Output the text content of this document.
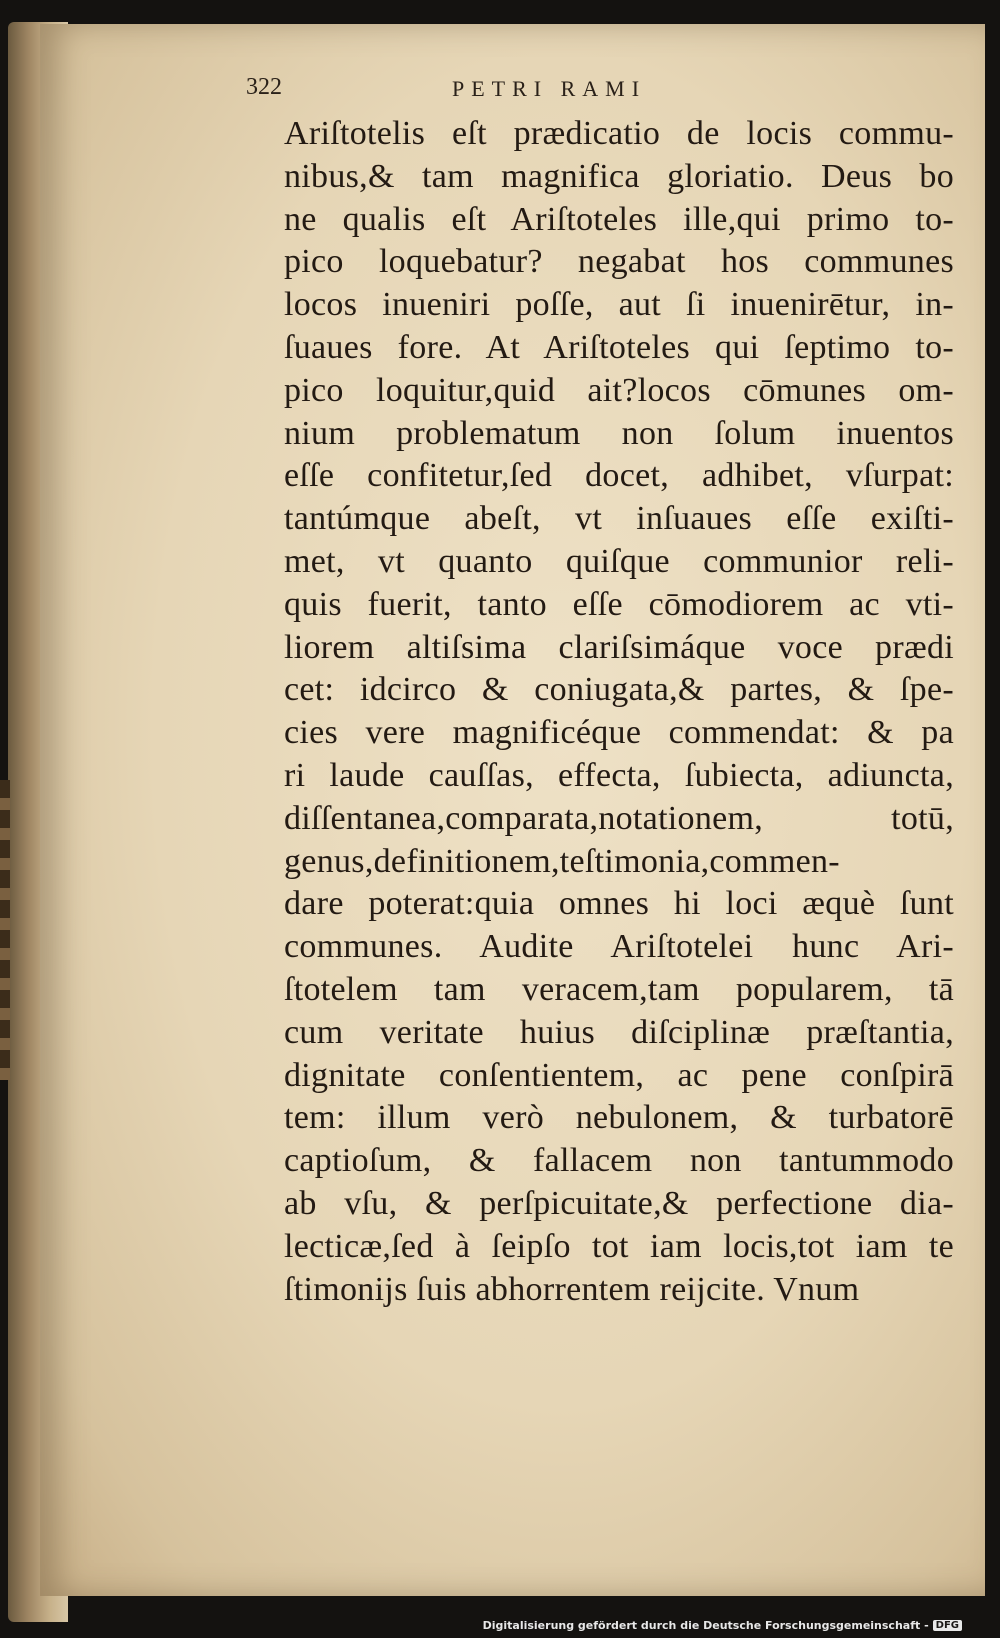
322	PETRI RAMI
Ariſtotelis eſt prædicatio de locis commu-
nibus,& tam magnifica gloriatio. Deus bo
ne qualis eſt Ariſtoteles ille,qui primo to-
pico loquebatur? negabat hos communes
locos inueniri poſſe, aut ſi inuenirētur, in-
ſuaues fore. At Ariſtoteles qui ſeptimo to-
pico loquitur,quid ait?locos cōmunes om-
nium problematum non ſolum inuentos
eſſe confitetur,ſed docet, adhibet, vſurpat:
tantúmque abeſt, vt inſuaues eſſe exiſti-
met, vt quanto quiſque communior reli-
quis fuerit, tanto eſſe cōmodiorem ac vti-
liorem altiſsima clariſsimáque voce prædi
cet: idcirco & coniugata,& partes, & ſpe-
cies vere magnificéque commendat: & pa
ri laude cauſſas, effecta, ſubiecta, adiuncta,
diſſentanea,comparata,notationem, totū,
genus,definitionem,teſtimonia,commen-
dare poterat:quia omnes hi loci æquè ſunt
communes. Audite Ariſtotelei hunc Ari-
ſtotelem tam veracem,tam popularem, tā
cum veritate huius diſciplinæ præſtantia,
dignitate conſentientem, ac pene conſpirā
tem: illum verò nebulonem, & turbatorē
captioſum, & fallacem non tantummodo
ab vſu, & perſpicuitate,& perfectione dia-
lecticæ,ſed à ſeipſo tot iam locis,tot iam te
ſtimonijs ſuis abhorrentem reijcite. Vnum
Digitalisierung gefördert durch die Deutsche Forschungsgemeinschaft - DFG
